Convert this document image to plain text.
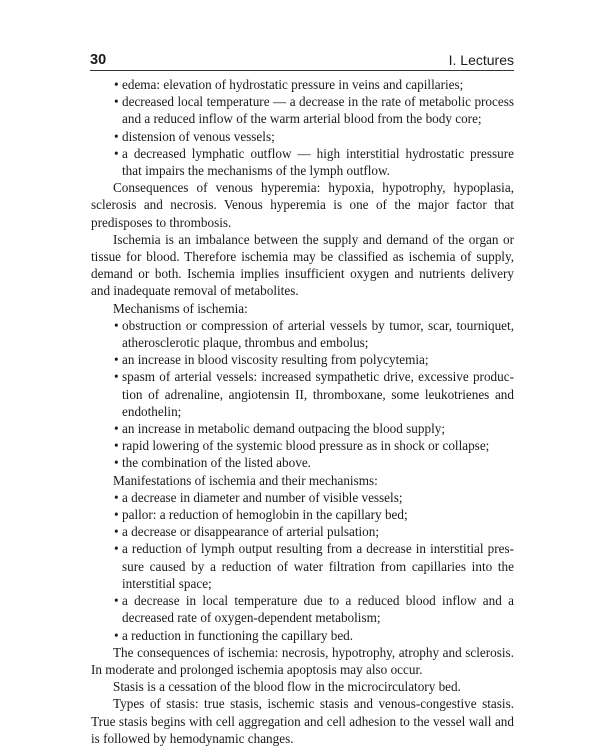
30	I. Lectures

• edema: elevation of hydrostatic pressure in veins and capillaries;

• decreased local temperature — a decrease in the rate of metabolic process and a reduced inflow of the warm arterial blood from the body core;

• distension of venous vessels;

• a decreased lymphatic outflow — high interstitial hydrostatic pressure that impairs the mechanisms of the lymph outflow.

Consequences of venous hyperemia: hypoxia, hypotrophy, hypoplasia, sclerosis and necrosis. Venous hyperemia is one of the major factor that predisposes to thrombosis.

Ischemia is an imbalance between the supply and demand of the organ or tissue for blood. Therefore ischemia may be classified as ischemia of supply, demand or both. Ischemia implies insufficient oxygen and nutrients delivery and inadequate removal of metabolites.

Mechanisms of ischemia:

• obstruction or compression of arterial vessels by tumor, scar, tourniquet, atherosclerotic plaque, thrombus and embolus;

• an increase in blood viscosity resulting from polycytemia;

• spasm of arterial vessels: increased sympathetic drive, excessive production of adrenaline, angiotensin II, thromboxane, some leukotrienes and endothelin;

• an increase in metabolic demand outpacing the blood supply;

• rapid lowering of the systemic blood pressure as in shock or collapse;

• the combination of the listed above.

Manifestations of ischemia and their mechanisms:

• a decrease in diameter and number of visible vessels;

• pallor: a reduction of hemoglobin in the capillary bed;

• a decrease or disappearance of arterial pulsation;

• a reduction of lymph output resulting from a decrease in interstitial pressure caused by a reduction of water filtration from capillaries into the interstitial space;

• a decrease in local temperature due to a reduced blood inflow and a decreased rate of oxygen-dependent metabolism;

• a reduction in functioning the capillary bed.

The consequences of ischemia: necrosis, hypotrophy, atrophy and sclerosis. In moderate and prolonged ischemia apoptosis may also occur.

Stasis is a cessation of the blood flow in the microcirculatory bed.

Types of stasis: true stasis, ischemic stasis and venous-congestive stasis. True stasis begins with cell aggregation and cell adhesion to the vessel wall and is followed by hemodynamic changes.
